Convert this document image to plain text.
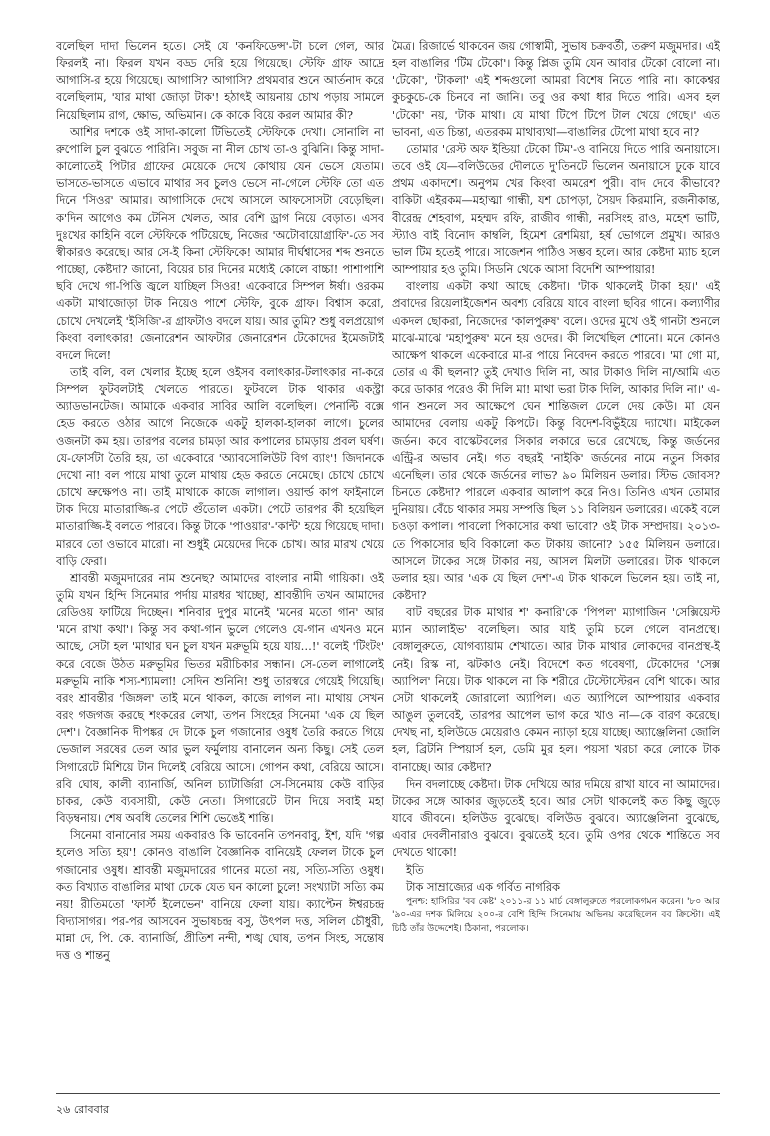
বলেছিল দাদা ভিলেন হতে। সেই যে 'কনফিডেন্স'-টা চলে গেল, আর ফিরলই না। ফিরল যখন বড্ড দেরি হয়ে গিয়েছে। স্টেফি গ্রাফ আদ্রে আগাসি-র হয়ে গিয়েছে। আগাসি? আগাসি? প্রথমবার শুনে আর্তনাদ করে বলেছিলাম, 'যার মাথা জোড়া টাক'! হঠাৎই আয়নায় চোখ পড়ায় সামলে নিয়েছিলাম রাগ, ক্ষোভ, অভিমান। কে কাকে বিয়ে করল আমার কী?

আশির দশকে ওই সাদা-কালো টিভিতেই স্টেফিকে দেখা। সোনালি না রুপোলি চুল বুঝতে পারিনি। সবুজ না নীল চোখ তা-ও বুঝিনি। কিন্তু সাদা-কালোতেই পিটার গ্রাফের মেয়েকে দেখে কোথায় যেন ভেসে যেতাম। ভাসতে-ভাসতে এভাবে মাথার সব চুলও ভেসে না-গেলে স্টেফি তো এত দিনে 'সিওর' আমার। আগাসিকে দেখে আসলে আফসোসটা বেড়েছিল। ক'দিন আগেও কম টেনিস খেলত, আর বেশি ড্রাগ নিয়ে বেড়াত। এসব দুঃখের কাহিনি বলে স্টেফিকে পটিয়েছে, নিজের 'অটোবায়োগ্রাফি'-তে সব স্বীকারও করেছে। আর সে-ই কিনা স্টেফিকে! আমার দীর্ঘশ্বাসের শব্দ শুনতে পাচ্ছো, কেষ্টদা? জানো, বিয়ের চার দিনের মধ্যেই কোলে বাচ্চা! পাশাপাশি ছবি দেখে গা-পিত্তি জ্বলে যাচ্ছিল সিওর! একেবারে সিম্পল ঈর্ষা। ওরকম একটা মাথাজোড়া টাক নিয়েও পাশে স্টেফি, বুকে গ্রাফ। বিশ্বাস করো, চোখে দেখলেই 'ইসিজি'-র গ্রাফটাও বদলে যায়। আর তুমি? শুধু বলপ্রয়োগ কিংবা বলাৎকার! জেনারেশন আফটার জেনারেশন টেকোদের ইমেজটাই বদলে দিলে!

তাই বলি, বল খেলার ইচ্ছে হলে ওইসব বলাৎকার-টলাৎকার না-করে সিম্পল ফুটবলটাই খেলতে পারতে। ফুটবলে টাক থাকার একস্ট্রা অ্যাডভানটেজ। আমাকে একবার সাবির আলি বলেছিল। পেনাল্টি বক্সে হেড করতে ওঠার আগে নিজেকে একটু হালকা-হালকা লাগে। চুলের ওজনটা কম হয়। তারপর বলের চামড়া আর কপালের চামড়ায় প্রবল ঘর্ষণ। যে-ফোর্সটা তৈরি হয়, তা একেবারে 'অ্যাবসোলিউট বিগ ব্যাং'! জিদানকে দেখো না! বল পায়ে মাথা তুলে মাথায় হেড করতে নেমেছে। চোখে চোখে চোখে ভ্রুক্ষেপও না। তাই মাথাকে কাজে লাগাল। ওয়ার্ল্ড কাপ ফাইনালে টাক দিয়ে মাতারাজ্জি-র পেটে গুঁতোল একটা। পেটে তারপর কী হয়েছিল মাতারাজ্জি-ই বলতে পারবে। কিন্তু টাকে 'পাওয়ার'-'কান্ট' হয়ে গিয়েছে দাদা। মারবে তো ওভাবে মারো। না শুধুই মেয়েদের দিকে চোখ। আর মারখ খেয়ে বাড়ি ফেরা।

শ্রাবন্তী মজুমদারের নাম শুনেছ? আমাদের বাংলার নামী গায়িকা। ওই তুমি যখন হিন্দি সিনেমার পর্দায় মারধর খাচ্ছো, শ্রাবন্তীদি তখন আমাদের রেডিওয় ফাটিয়ে দিচ্ছেন। শনিবার দুপুর মানেই 'মনের মতো গান' আর 'মনে রাখা কথা'। কিন্তু সব কথা-গান ভুলে গেলেও যে-গান এখনও মনে আছে, সেটা হল 'মাথার ঘন চুল যখন মরুভূমি হয়ে যায়…!' বলেই 'টিংটং' করে বেজে উঠত মরুভূমির ভিতর মরীচিকার সন্ধান। সে-তেল লাগালেই মরুভূমি নাকি শস্য-শ্যামলা! সেদিন শুনিনি! শুধু তারস্বরে গেয়েই গিয়েছি। বরং শ্রাবন্তীর 'জিঙ্গল' তাই মনে থাকল, কাজে লাগল না। মাথায় সেখন বরং গজগজ করছে শংকরের লেখা, তপন সিংহের সিনেমা 'এক যে ছিল দেশ'। বৈজ্ঞানিক দীপঙ্কর দে টাকে চুল গজানোর ওষুধ তৈরি করতে গিয়ে ভেজাল সরষের তেল আর ভুল ফর্মুলায় বানালেন অন্য কিছু। সেই তেল সিগারেটে মিশিয়ে টান দিলেই বেরিয়ে আসে। গোপন কথা, বেরিয়ে আসে। রবি ঘোষ, কালী ব্যানার্জি, অনিল চ্যাটার্জিরা সে-সিনেমায় কেউ বাড়ির চাকর, কেউ ব্যবসায়ী, কেউ নেতা। সিগারেটে টান দিয়ে সবাই মহা বিড়ম্বনায়। শেষ অবধি তেলের শিশি ভেঙেই শান্তি।

সিনেমা বানানোর সময় একবারও কি ভাবেননি তপনবাবু, ইশ, যদি 'গল্প হলেও সত্যি হয়'! কোনও বাঙালি বৈজ্ঞানিক বানিয়েই ফেলল টাকে চুল গজানোর ওষুধ। শ্রাবন্তী মজুমদারের গানের মতো নয়, সত্যি-সত্যি ওষুধ। কত বিখ্যাত বাঙালির মাথা ঢেকে যেত ঘন কালো চুলে! সংখ্যাটা সত্যি কম নয়! রীতিমতো 'ফার্স্ট ইলেভেন' বানিয়ে ফেলা যায়। ক্যাপ্টেন ঈশ্বরচন্দ্র বিদ্যাসাগর। পর-পর আসবেন সুভাষচন্দ্র বসু, উৎপল দত্ত, সলিল চৌধুরী, মান্না দে, পি. কে. ব্যানার্জি, প্রীতিশ নন্দী, শঙ্খ ঘোষ, তপন সিংহ, সন্তোষ দত্ত ও শান্তনু

মৈত্র। রিজার্ভে থাকবেন জয় গোস্বামী, সুভাষ চক্রবর্তী, তরুণ মজুমদার। এই হল বাঙালির 'টিম টেকো'। কিন্তু প্লিজ তুমি যেন আবার টেকো বোলো না। 'টেকো', 'টাকলা' এই শব্দগুলো আমরা বিশেষ নিতে পারি না। কাকেশ্বর কুচকুচে-কে চিনবে না জানি। তবু ওর কথা ধার দিতে পারি। এসব হল 'টেকো' নয়, 'টাক মাথা। যে মাথা টিপে টিপে টাল খেয়ে গেছে।' এত ভাবনা, এত চিন্তা, এতরকম মাথাব্যথা—বাঙালির টেপো মাথা হবে না?

তোমার 'রেস্ট অফ ইন্ডিয়া টেকো টিম'-ও বানিয়ে দিতে পারি অনায়াসে। তবে ওই যে—বলিউডের দৌলতে দু'তিনটে ভিলেন অনায়াসে ঢুকে যাবে প্রথম একাদশে। অনুপম খের কিংবা অমরেশ পুরী। বাদ দেবে কীভাবে? বাকিটা এইরকম—মহাত্মা গান্ধী, যশ চোপড়া, সৈয়দ কিরমানি, রজনীকান্ত, বীরেন্দ্র শেহবাগ, মহম্মদ রফি, রাজীব গান্ধী, নরসিংহ রাও, মহেশ ভাটি, স্ট্যাও বাই বিনোদ কাম্বলি, হিমেশ রেশমিয়া, হর্ষ ভোগলে প্রমুখ। আরও ভাল টিম হতেই পারে। সাজেশন পাঠিও সম্ভব হলে। আর কেষ্টদা ম্যাচ হলে আম্পায়ার হও তুমি। সিডনি থেকে আসা বিদেশি আম্পায়ার!

বাংলায় একটা কথা আছে কেষ্টদা। 'টাক থাকলেই টাকা হয়।' এই প্রবাদের রিয়েলাইজেশন অবশ্য বেরিয়ে যাবে বাংলা ছবির গানে। কল্যাণীর একদল ছোকরা, নিজেদের 'কালপুরুষ' বলে। ওদের মুখে ওই গানটা শুনলে মাঝে-মাঝে 'মহাপুরুষ' মনে হয় ওদের। কী লিখেছিল শোনো। মনে কোনও আক্ষেপ থাকলে একেবারে মা-র পায়ে নিবেদন করতে পারবে। 'মা গো মা, তোর এ কী ছলনা? তুই দেখাও দিলি না, আর টাকাও দিলি না/আমি এত করে ডাকার পরেও কী দিলি মা! মাথা ভরা টাক দিলি, আকার দিলি না।' এ-গান শুনলে সব আক্ষেপে ঘেন শান্তিজল ঢেলে দেয় কেউ। মা যেন আমাদের বেলায় একটু কিপটে। কিন্তু বিদেশ-বিভুঁইয়ে দ্যাখো। মাইকেল জর্ডন। কবে বাস্কেটবলের সিকার লকারে ভরে রেখেছে, কিন্তু জর্ডনের এন্ট্রি-র অভাব নেই। গত বছরই 'নাইকি' জর্ডনের নামে নতুন সিকার এনেছিল। তার থেকে জর্ডনের লাভ? ৯০ মিলিয়ন ডলার। স্টিভ জোবস? চিনতে কেষ্টদা? পারলে একবার আলাপ করে নিও। তিনিও এখন তোমার দুনিয়ায়। বেঁচে থাকার সময় সম্পত্তি ছিল ১১ বিলিয়ন ডলারের। একেই বলে চওড়া কপাল। পাবলো পিকাসোর কথা ভাবো? ওই টাক সম্প্রদায়। ২০১৩-তে পিকাসোর ছবি বিকালো কত টাকায় জানো? ১৫৫ মিলিয়ন ডলারে। আসলে টাকের সঙ্গে টাকার নয়, আসল মিলটা ডলারের। টাক থাকলে ডলার হয়। আর 'এক যে ছিল দেশ'-এ টাক থাকলে ভিলেন হয়। তাই না, কেষ্টদা?

বাট বছরের টাক মাথার শ' কনারি'কে 'পিপল' ম্যাগাজিন 'সেক্সিয়েস্ট ম্যান অ্যালাইভ' বলেছিল। আর যাই তুমি চলে গেলে বানপ্রস্থে। বেঙ্গালুরুতে, যোগব্যায়াম শেখাতে। আর টাক মাথার লোকদের বানপ্রস্থ-ই নেই। রিস্ক না, ঝটকাও নেই। বিদেশে কত গবেষণা, টেকোদের 'সেক্স অ্যাপিল' নিয়ে। টাক থাকলে না কি শরীরে টেস্টোস্টেরন বেশি থাকে। আর সেটা থাকলেই জোরালো অ্যাপিল। এত অ্যাপিলে আম্পায়ার একবার আঙুল তুলবেই, তারপর আপেল ভাগ করে খাও না—কে বারণ করেছে। দেখছ না, হলিউডে মেয়েরাও কেমন ন্যাড়া হয়ে যাচ্ছে। অ্যাঞ্জেলিনা জোলি হল, ব্রিটনি স্পিয়ার্স হল, ডেমি মুর হল। পয়সা খরচা করে লোকে টাক বানাচ্ছে। আর কেষ্টদা?

দিন বদলাচ্ছে কেষ্টদা। টাক দেখিয়ে আর দমিয়ে রাখা যাবে না আমাদের। টাকের সঙ্গে আকার জুড়তেই হবে। আর সেটা থাকলেই কত কিছু জুড়ে যাবে জীবনে। হলিউড বুঝেছে। বলিউড বুঝবে। অ্যাঞ্জেলিনা বুঝেছে, এবার দেবলীনারাও বুঝবে। বুঝতেই হবে। তুমি ওপর থেকে শান্তিতে সব দেখতে থাকো!

ইতি

টাক সাম্রাজ্যের এক গর্বিত নাগরিক

পুনশ্চ: হাসিরির 'বব কেষ্ট' ২০১১-র ১১ মার্চ বেঙ্গালুরুতে পরলোকগমন করেন। '৮০ আর '৯০-এর দশক মিলিয়ে ২০০-র বেশি হিন্দি সিনেমায় অভিনয় করেছিলেন বব ক্রিস্টো। এই চিঠি তাঁর উদ্দেশেই। ঠিকানা, পরলোক।

২৬ রোববার
